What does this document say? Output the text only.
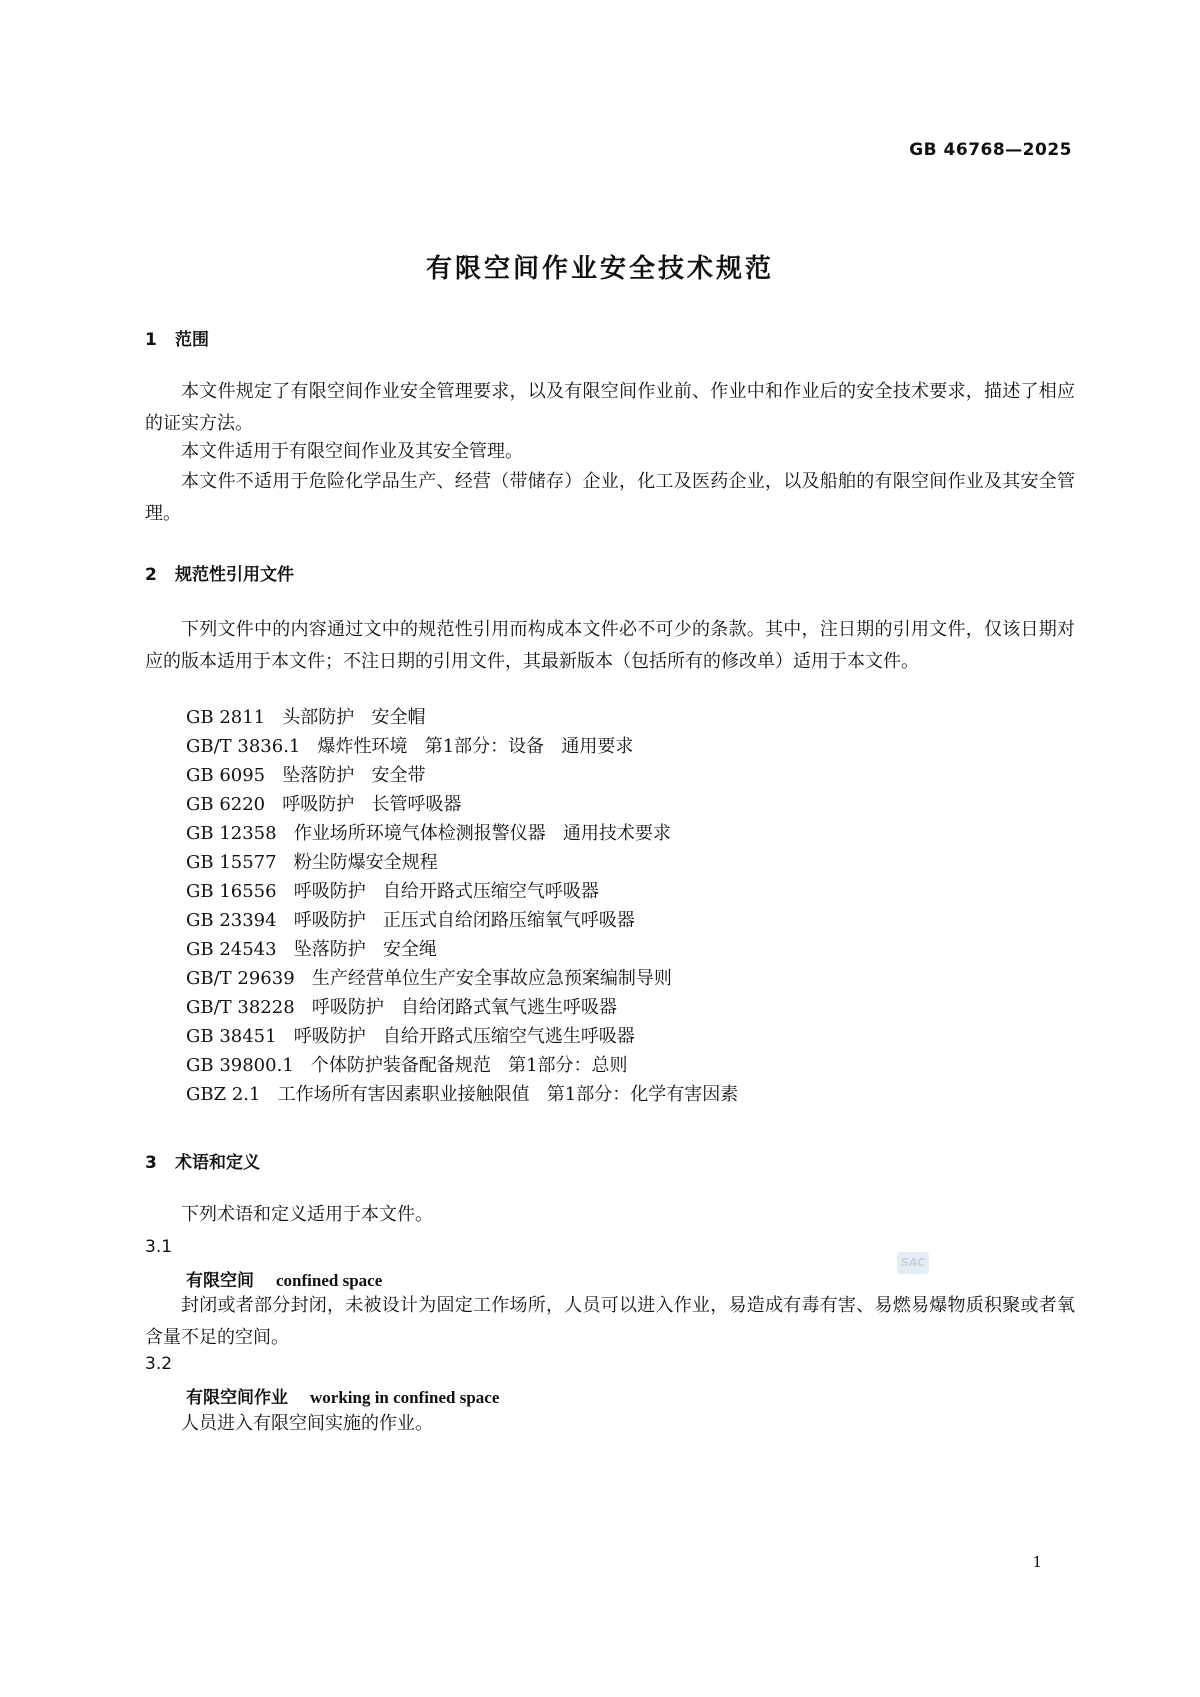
GB 46768—2025
有限空间作业安全技术规范
1 范围
本文件规定了有限空间作业安全管理要求，以及有限空间作业前、作业中和作业后的安全技术要求，描述了相应的证实方法。
本文件适用于有限空间作业及其安全管理。
本文件不适用于危险化学品生产、经营（带储存）企业，化工及医药企业，以及船舶的有限空间作业及其安全管理。
2 规范性引用文件
下列文件中的内容通过文中的规范性引用而构成本文件必不可少的条款。其中，注日期的引用文件，仅该日期对应的版本适用于本文件；不注日期的引用文件，其最新版本（包括所有的修改单）适用于本文件。
GB 2811   头部防护   安全帽
GB/T 3836.1   爆炸性环境   第1部分：设备   通用要求
GB 6095   坠落防护   安全带
GB 6220   呼吸防护   长管呼吸器
GB 12358   作业场所环境气体检测报警仪器   通用技术要求
GB 15577   粉尘防爆安全规程
GB 16556   呼吸防护   自给开路式压缩空气呼吸器
GB 23394   呼吸防护   正压式自给闭路压缩氧气呼吸器
GB 24543   坠落防护   安全绳
GB/T 29639   生产经营单位生产安全事故应急预案编制导则
GB/T 38228   呼吸防护   自给闭路式氧气逃生呼吸器
GB 38451   呼吸防护   自给开路式压缩空气逃生呼吸器
GB 39800.1   个体防护装备配备规范   第1部分：总则
GBZ 2.1   工作场所有害因素职业接触限值   第1部分：化学有害因素
3 术语和定义
SAC
下列术语和定义适用于本文件。
3.1
有限空间 confined space
封闭或者部分封闭，未被设计为固定工作场所，人员可以进入作业，易造成有毒有害、易燃易爆物质积聚或者氧含量不足的空间。
3.2
有限空间作业 working in confined space
人员进入有限空间实施的作业。
1
